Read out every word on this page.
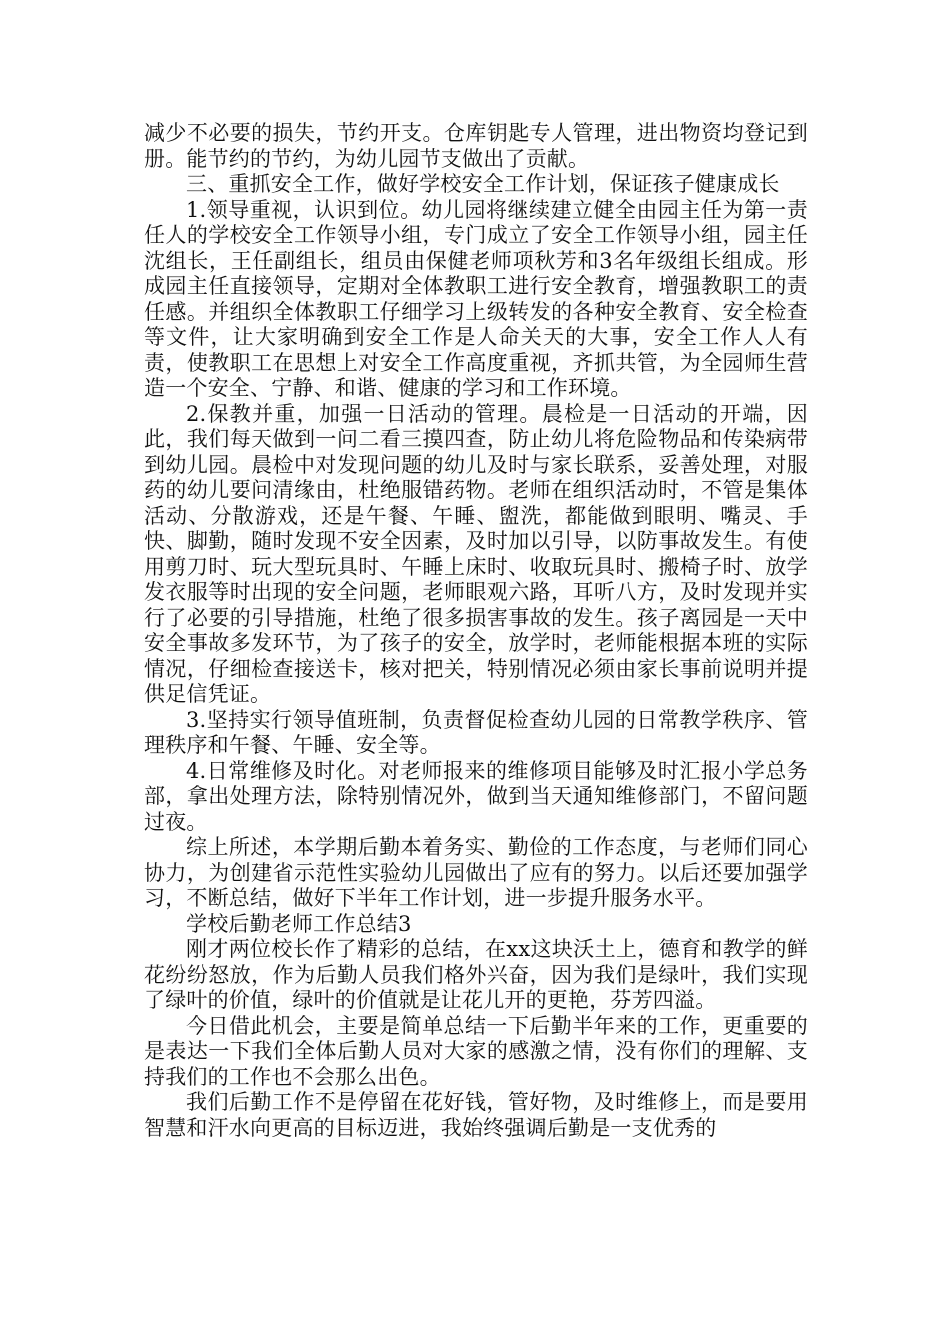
减少不必要的损失，节约开支。仓库钥匙专人管理，进出物资均登记到册。能节约的节约，为幼儿园节支做出了贡献。

三、重抓安全工作，做好学校安全工作计划，保证孩子健康成长

1.领导重视，认识到位。幼儿园将继续建立健全由园主任为第一责任人的学校安全工作领导小组，专门成立了安全工作领导小组，园主任沈组长，王任副组长，组员由保健老师项秋芳和3名年级组长组成。形成园主任直接领导，定期对全体教职工进行安全教育，增强教职工的责任感。并组织全体教职工仔细学习上级转发的各种安全教育、安全检查等文件，让大家明确到安全工作是人命关天的大事，安全工作人人有责，使教职工在思想上对安全工作高度重视，齐抓共管，为全园师生营造一个安全、宁静、和谐、健康的学习和工作环境。

2.保教并重，加强一日活动的管理。晨检是一日活动的开端，因此，我们每天做到一问二看三摸四查，防止幼儿将危险物品和传染病带到幼儿园。晨检中对发现问题的幼儿及时与家长联系，妥善处理，对服药的幼儿要问清缘由，杜绝服错药物。老师在组织活动时，不管是集体活动、分散游戏，还是午餐、午睡、盥洗，都能做到眼明、嘴灵、手快、脚勤，随时发现不安全因素，及时加以引导，以防事故发生。有使用剪刀时、玩大型玩具时、午睡上床时、收取玩具时、搬椅子时、放学发衣服等时出现的安全问题，老师眼观六路，耳听八方，及时发现并实行了必要的引导措施，杜绝了很多损害事故的发生。孩子离园是一天中安全事故多发环节，为了孩子的安全，放学时，老师能根据本班的实际情况，仔细检查接送卡，核对把关，特别情况必须由家长事前说明并提供足信凭证。

3.坚持实行领导值班制，负责督促检查幼儿园的日常教学秩序、管理秩序和午餐、午睡、安全等。

4.日常维修及时化。对老师报来的维修项目能够及时汇报小学总务部，拿出处理方法，除特别情况外，做到当天通知维修部门，不留问题过夜。

综上所述，本学期后勤本着务实、勤俭的工作态度，与老师们同心协力，为创建省示范性实验幼儿园做出了应有的努力。以后还要加强学习，不断总结，做好下半年工作计划，进一步提升服务水平。

学校后勤老师工作总结3

刚才两位校长作了精彩的总结，在xx这块沃土上，德育和教学的鲜花纷纷怒放，作为后勤人员我们格外兴奋，因为我们是绿叶，我们实现了绿叶的价值，绿叶的价值就是让花儿开的更艳，芬芳四溢。

今日借此机会，主要是简单总结一下后勤半年来的工作，更重要的是表达一下我们全体后勤人员对大家的感激之情，没有你们的理解、支持我们的工作也不会那么出色。

我们后勤工作不是停留在花好钱，管好物，及时维修上，而是要用智慧和汗水向更高的目标迈进，我始终强调后勤是一支优秀的
